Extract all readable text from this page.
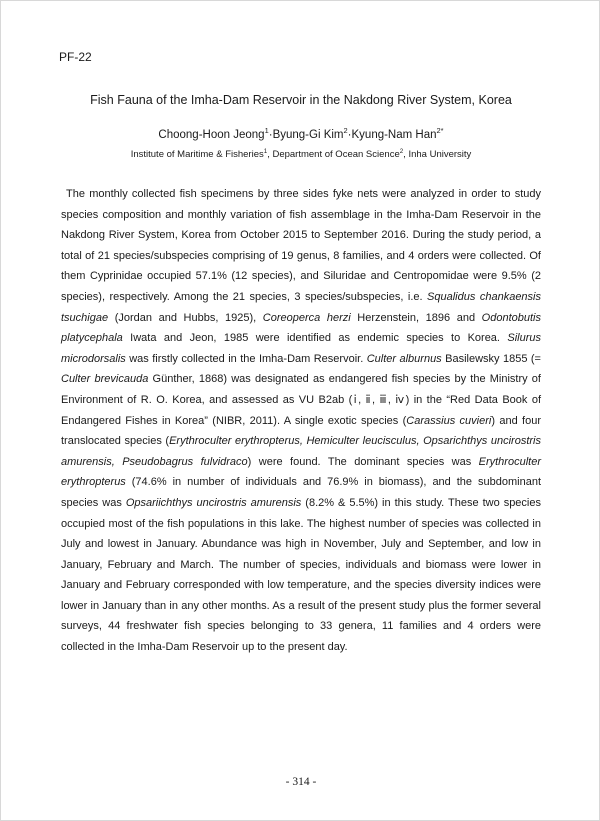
PF-22
Fish Fauna of the Imha-Dam Reservoir in the Nakdong River System, Korea
Choong-Hoon Jeong$^1$·Byung-Gi Kim$^2$·Kyung-Nam Han$^{2*}$
Institute of Maritime & Fisheries$^1$, Department of Ocean Science$^2$, Inha University

The monthly collected fish specimens by three sides fyke nets were analyzed in order to study species composition and monthly variation of fish assemblage in the Imha-Dam Reservoir in the Nakdong River System, Korea from October 2015 to September 2016. During the study period, a total of 21 species/subspecies comprising of 19 genus, 8 families, and 4 orders were collected. Of them Cyprinidae occupied 57.1% (12 species), and Siluridae and Centropomidae were 9.5% (2 species), respectively. Among the 21 species, 3 species/subspecies, i.e. Squalidus chankaensis tsuchigae (Jordan and Hubbs, 1925), Coreoperca herzi Herzenstein, 1896 and Odontobutis platycephala Iwata and Jeon, 1985 were identified as endemic species to Korea. Silurus microdorsalis was firstly collected in the Imha-Dam Reservoir. Culter alburnus Basilewsky 1855 (= Culter brevicauda Günther, 1868) was designated as endangered fish species by the Ministry of Environment of R. O. Korea, and assessed as VU B2ab (ⅰ, ⅱ, ⅲ, ⅳ) in the “Red Data Book of Endangered Fishes in Korea” (NIBR, 2011). A single exotic species (Carassius cuvieri) and four translocated species (Erythroculter erythropterus, Hemiculter leucisculus, Opsarichthys uncirostris amurensis, Pseudobagrus fulvidraco) were found. The dominant species was Erythroculter erythropterus (74.6% in number of individuals and 76.9% in biomass), and the subdominant species was Opsariichthys uncirostris amurensis (8.2% & 5.5%) in this study. These two species occupied most of the fish populations in this lake. The highest number of species was collected in July and lowest in January. Abundance was high in November, July and September, and low in January, February and March. The number of species, individuals and biomass were lower in January and February corresponded with low temperature, and the species diversity indices were lower in January than in any other months. As a result of the present study plus the former several surveys, 44 freshwater fish species belonging to 33 genera, 11 families and 4 orders were collected in the Imha-Dam Reservoir up to the present day.

- 314 -
